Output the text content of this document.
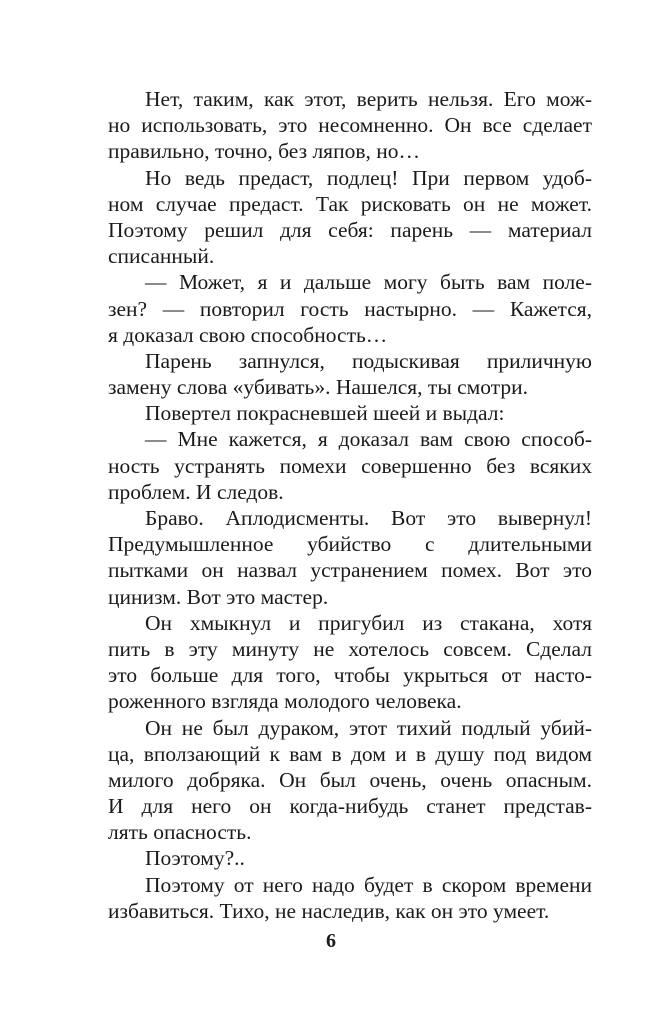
Нет, таким, как этот, верить нельзя. Его мож-
но использовать, это несомненно. Он все сделает
правильно, точно, без ляпов, но…
Но ведь предаст, подлец! При первом удоб-
ном случае предаст. Так рисковать он не может.
Поэтому решил для себя: парень — материал
списанный.
— Может, я и дальше могу быть вам поле-
зен? — повторил гость настырно. — Кажется,
я доказал свою способность…
Парень запнулся, подыскивая приличную
замену слова «убивать». Нашелся, ты смотри.
Повертел покрасневшей шеей и выдал:
— Мне кажется, я доказал вам свою способ-
ность устранять помехи совершенно без всяких
проблем. И следов.
Браво. Аплодисменты. Вот это вывернул!
Предумышленное убийство с длительными
пытками он назвал устранением помех. Вот это
цинизм. Вот это мастер.
Он хмыкнул и пригубил из стакана, хотя
пить в эту минуту не хотелось совсем. Сделал
это больше для того, чтобы укрыться от насто-
роженного взгляда молодого человека.
Он не был дураком, этот тихий подлый убий-
ца, вползающий к вам в дом и в душу под видом
милого добряка. Он был очень, очень опасным.
И для него он когда-нибудь станет представ-
лять опасность.
Поэтому?..
Поэтому от него надо будет в скором времени
избавиться. Тихо, не наследив, как он это умеет.
6
